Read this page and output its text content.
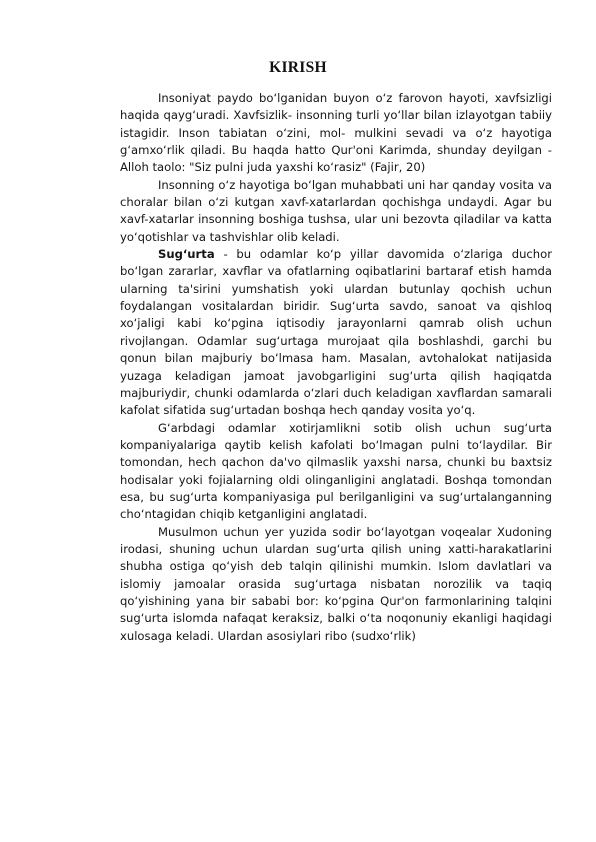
KIRISH

Insoniyat paydo bo‘lganidan buyon o‘z farovon hayoti, xavfsizligi haqida qayg‘uradi. Xavfsizlik- insonning turli yo‘llar bilan izlayotgan tabiiy istagidir. Inson tabiatan o‘zini, mol- mulkini sevadi va o‘z hayotiga g‘amxo‘rlik qiladi. Bu haqda hatto Qur'oni Karimda, shunday deyilgan -Alloh taolo: "Siz pulni juda yaxshi ko‘rasiz" (Fajir, 20)

Insonning o‘z hayotiga bo‘lgan muhabbati uni har qanday vosita va choralar bilan o‘zi kutgan xavf-xatarlardan qochishga undaydi. Agar bu xavf-xatarlar insonning boshiga tushsa, ular uni bezovta qiladilar va katta yo‘qotishlar va tashvishlar olib keladi.

Sug‘urta - bu odamlar ko‘p yillar davomida o‘zlariga duchor bo‘lgan zararlar, xavflar va ofatlarning oqibatlarini bartaraf etish hamda ularning ta'sirini yumshatish yoki ulardan butunlay qochish uchun foydalangan vositalardan biridir. Sug‘urta savdo, sanoat va qishloq xo‘jaligi kabi ko‘pgina iqtisodiy jarayonlarni qamrab olish uchun rivojlangan. Odamlar sug‘urtaga murojaat qila boshlashdi, garchi bu qonun bilan majburiy bo‘lmasa ham. Masalan, avtohalokat natijasida yuzaga keladigan jamoat javobgarligini sug‘urta qilish haqiqatda majburiydir, chunki odamlarda o‘zlari duch keladigan xavflardan samarali kafolat sifatida sug‘urtadan boshqa hech qanday vosita yo‘q.

G‘arbdagi odamlar xotirjamlikni sotib olish uchun sug‘urta kompaniyalariga qaytib kelish kafolati bo‘lmagan pulni to‘laydilar. Bir tomondan, hech qachon da'vo qilmaslik yaxshi narsa, chunki bu baxtsiz hodisalar yoki fojialarning oldi olinganligini anglatadi. Boshqa tomondan esa, bu sug‘urta kompaniyasiga pul berilganligini va sug‘urtalanganning cho‘ntagidan chiqib ketganligini anglatadi.

Musulmon uchun yer yuzida sodir bo‘layotgan voqealar Xudoning irodasi, shuning uchun ulardan sug‘urta qilish uning xatti-harakatlarini shubha ostiga qo‘yish deb talqin qilinishi mumkin. Islom davlatlari va islomiy jamoalar orasida sug‘urtaga nisbatan norozilik va taqiq qo‘yishining yana bir sababi bor: ko‘pgina Qur'on farmonlarining talqini sug‘urta islomda nafaqat keraksiz, balki o‘ta noqonuniy ekanligi haqidagi xulosaga keladi. Ulardan asosiylari ribo (sudxo‘rlik)
